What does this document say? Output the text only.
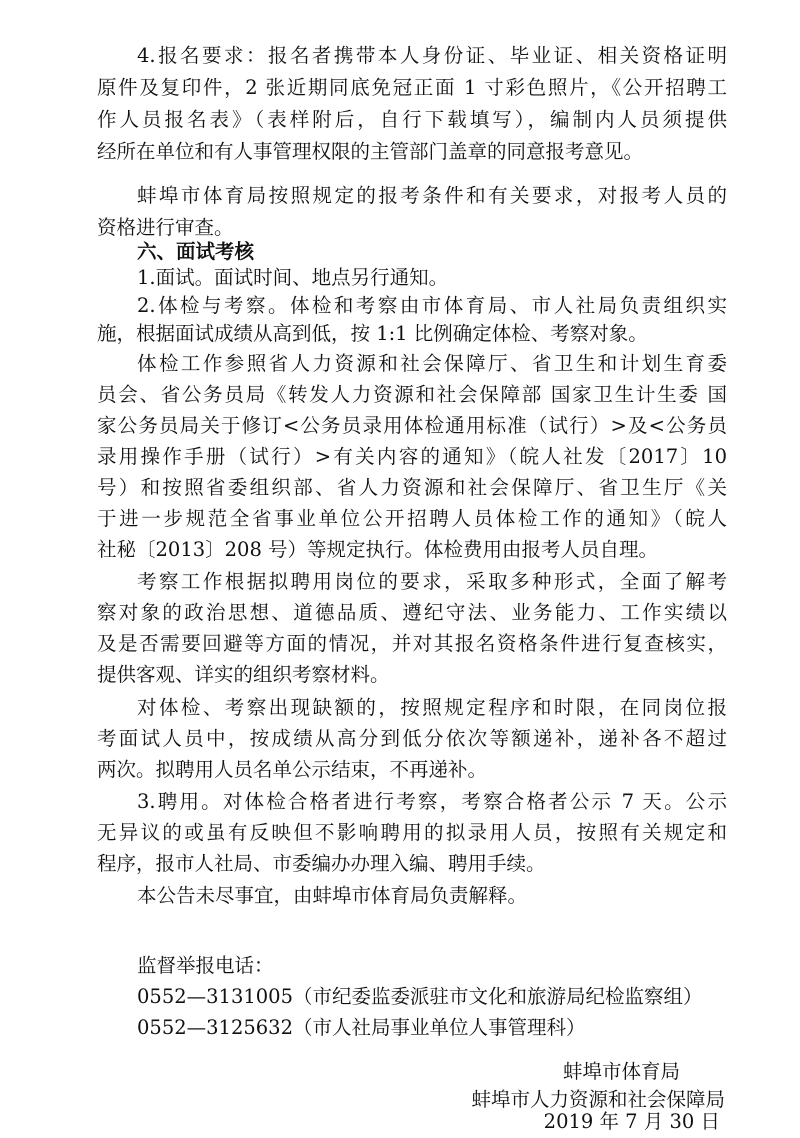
4.报名要求：报名者携带本人身份证、毕业证、相关资格证明
原件及复印件，2 张近期同底免冠正面 1 寸彩色照片，《公开招聘工
作人员报名表》（表样附后，自行下载填写），编制内人员须提供
经所在单位和有人事管理权限的主管部门盖章的同意报考意见。
蚌埠市体育局按照规定的报考条件和有关要求，对报考人员的
资格进行审查。
六、面试考核
1.面试。面试时间、地点另行通知。
2.体检与考察。体检和考察由市体育局、市人社局负责组织实
施，根据面试成绩从高到低，按 1:1 比例确定体检、考察对象。
体检工作参照省人力资源和社会保障厅、省卫生和计划生育委
员会、省公务员局《转发人力资源和社会保障部 国家卫生计生委 国
家公务员局关于修订<公务员录用体检通用标准（试行）>及<公务员
录用操作手册（试行）>有关内容的通知》（皖人社发〔2017〕10
号）和按照省委组织部、省人力资源和社会保障厅、省卫生厅《关
于进一步规范全省事业单位公开招聘人员体检工作的通知》（皖人
社秘〔2013〕208 号）等规定执行。体检费用由报考人员自理。
考察工作根据拟聘用岗位的要求，采取多种形式，全面了解考
察对象的政治思想、道德品质、遵纪守法、业务能力、工作实绩以
及是否需要回避等方面的情况，并对其报名资格条件进行复查核实，
提供客观、详实的组织考察材料。
对体检、考察出现缺额的，按照规定程序和时限，在同岗位报
考面试人员中，按成绩从高分到低分依次等额递补，递补各不超过
两次。拟聘用人员名单公示结束，不再递补。
3.聘用。对体检合格者进行考察，考察合格者公示 7 天。公示
无异议的或虽有反映但不影响聘用的拟录用人员，按照有关规定和
程序，报市人社局、市委编办办理入编、聘用手续。
本公告未尽事宜，由蚌埠市体育局负责解释。
监督举报电话：
0552—3131005（市纪委监委派驻市文化和旅游局纪检监察组）
0552—3125632（市人社局事业单位人事管理科）
蚌埠市体育局
蚌埠市人力资源和社会保障局
2019 年 7 月 30 日
